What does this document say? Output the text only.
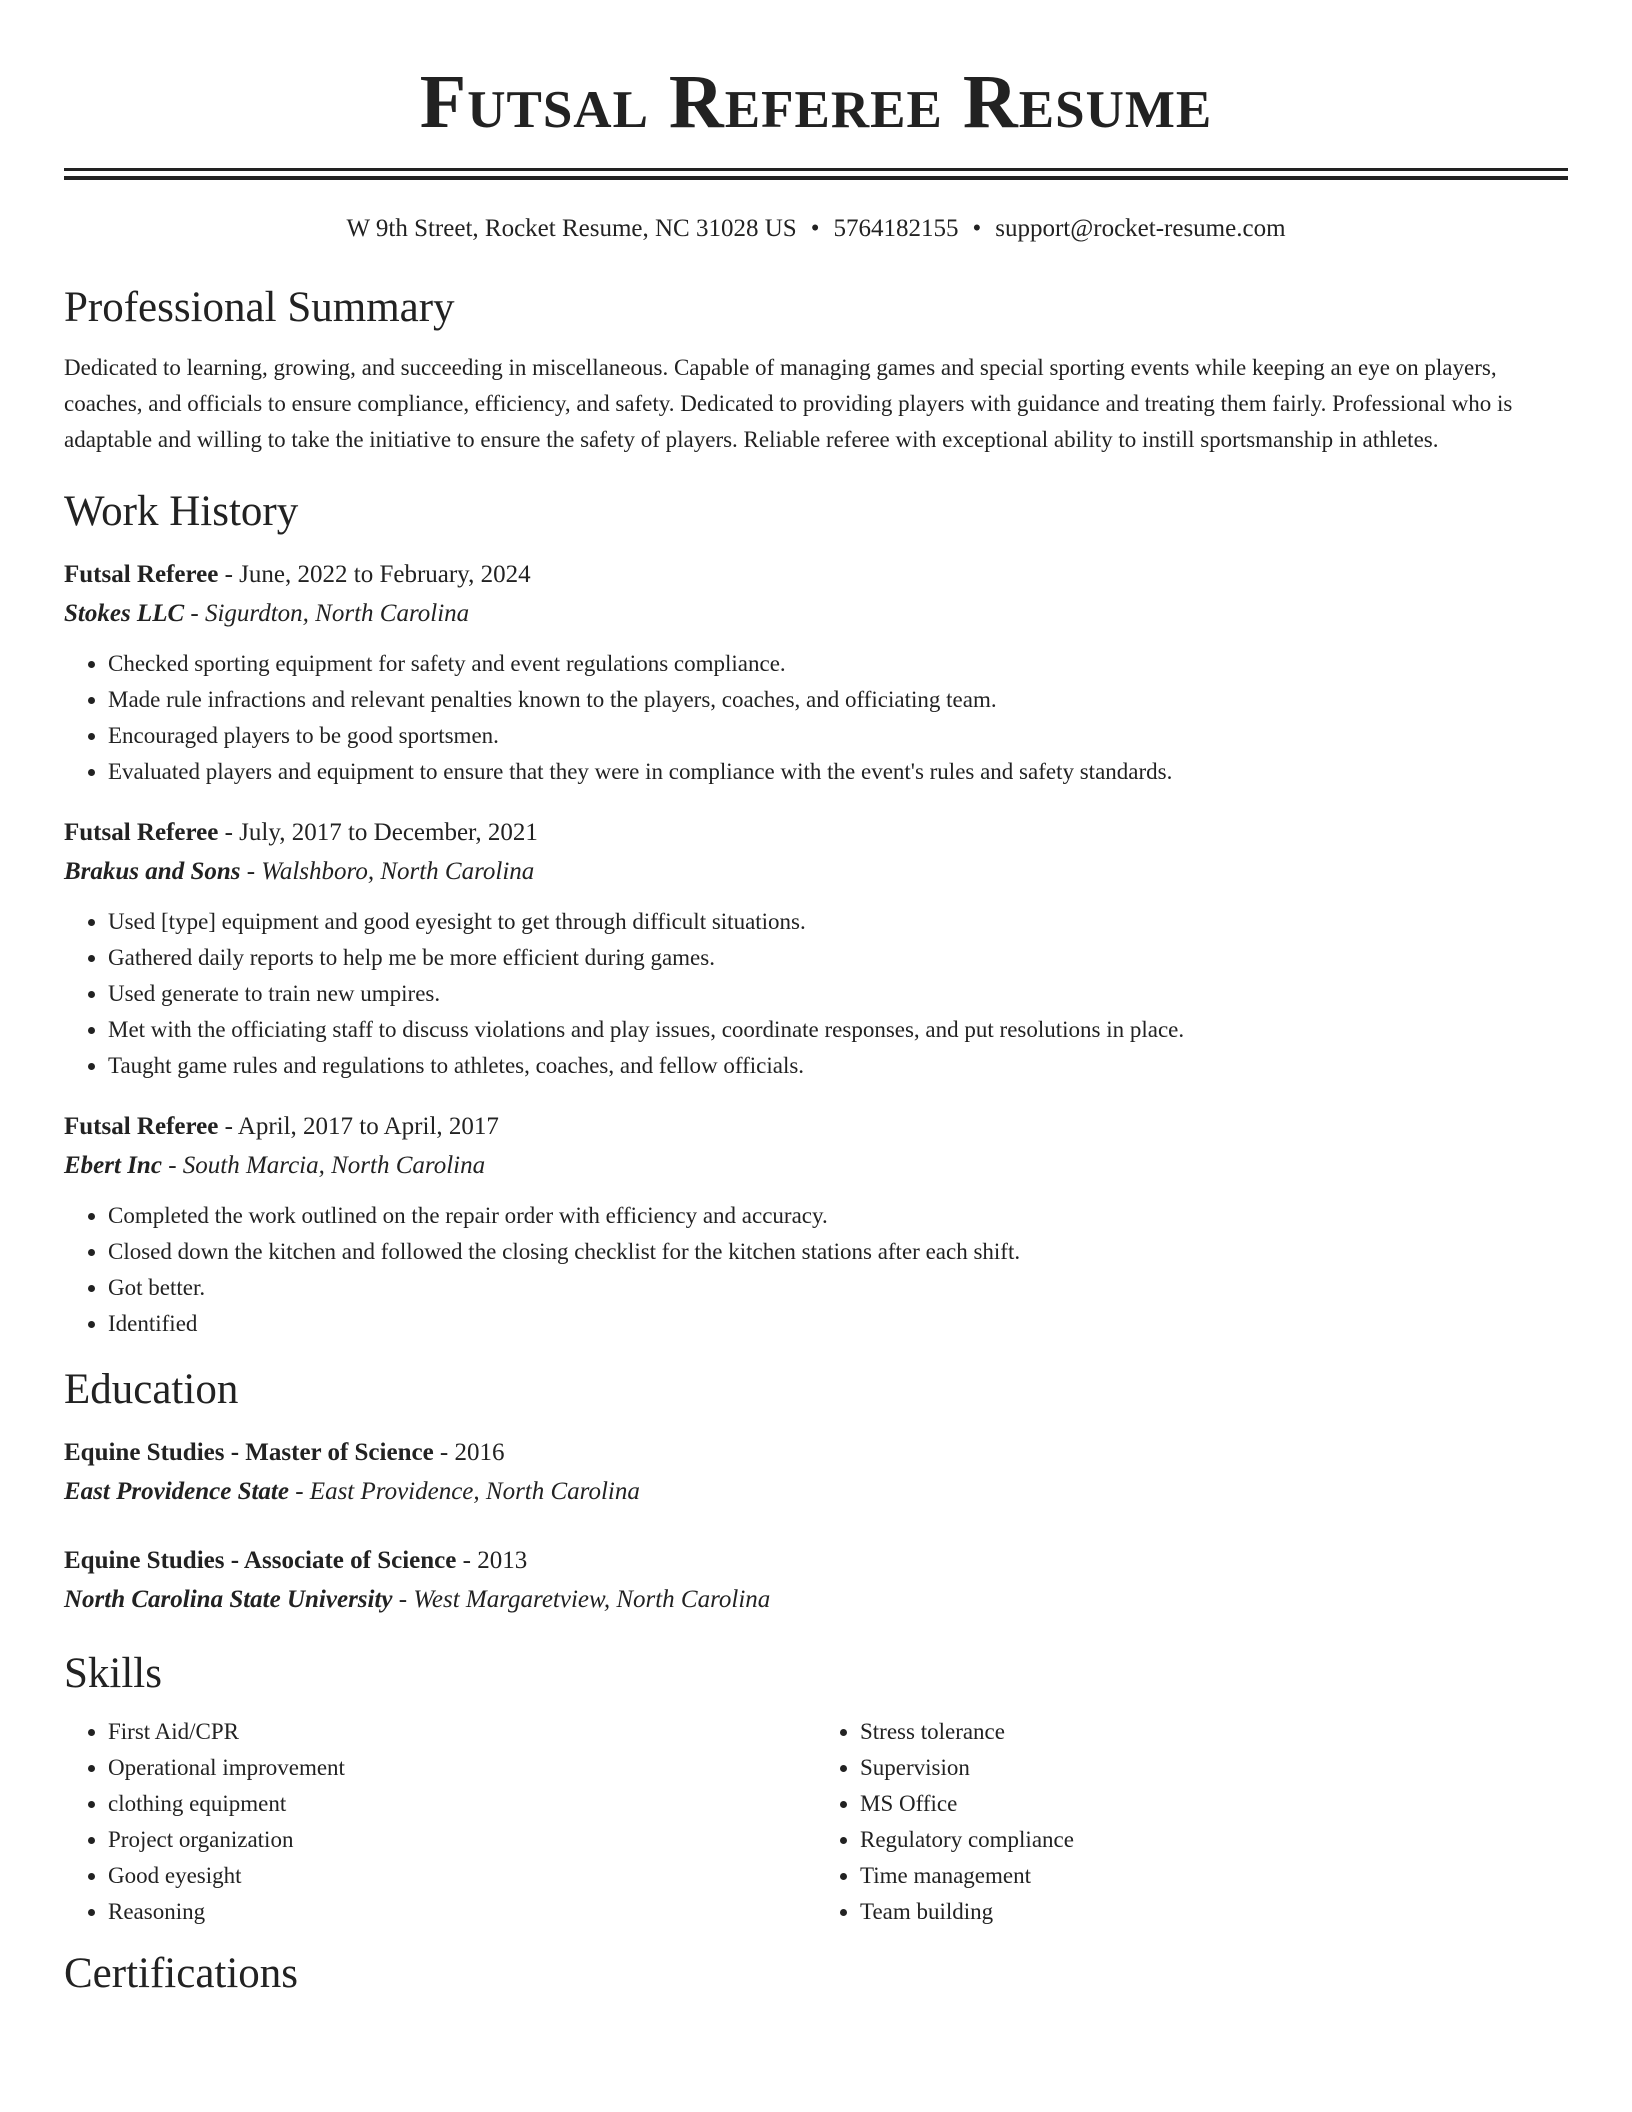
Futsal Referee Resume
W 9th Street, Rocket Resume, NC 31028 US • 5764182155 • support@rocket-resume.com
Professional Summary

Dedicated to learning, growing, and succeeding in miscellaneous. Capable of managing games and special sporting events while keeping an eye on players, coaches, and officials to ensure compliance, efficiency, and safety. Dedicated to providing players with guidance and treating them fairly. Professional who is adaptable and willing to take the initiative to ensure the safety of players. Reliable referee with exceptional ability to instill sportsmanship in athletes.

Work History
Futsal Referee - June, 2022 to February, 2024
Stokes LLC - Sigurdton, North Carolina
• Checked sporting equipment for safety and event regulations compliance.
• Made rule infractions and relevant penalties known to the players, coaches, and officiating team.
• Encouraged players to be good sportsmen.
• Evaluated players and equipment to ensure that they were in compliance with the event's rules and safety standards.
Futsal Referee - July, 2017 to December, 2021
Brakus and Sons - Walshboro, North Carolina
• Used [type] equipment and good eyesight to get through difficult situations.
• Gathered daily reports to help me be more efficient during games.
• Used generate to train new umpires.
• Met with the officiating staff to discuss violations and play issues, coordinate responses, and put resolutions in place.
• Taught game rules and regulations to athletes, coaches, and fellow officials.
Futsal Referee - April, 2017 to April, 2017
Ebert Inc - South Marcia, North Carolina
• Completed the work outlined on the repair order with efficiency and accuracy.
• Closed down the kitchen and followed the closing checklist for the kitchen stations after each shift.
• Got better.
• Identified
Education
Equine Studies - Master of Science - 2016
East Providence State - East Providence, North Carolina
Equine Studies - Associate of Science - 2013
North Carolina State University - West Margaretview, North Carolina
Skills
• First Aid/CPR
• Operational improvement
• clothing equipment
• Project organization
• Good eyesight
• Reasoning
• Stress tolerance
• Supervision
• MS Office
• Regulatory compliance
• Time management
• Team building
Certifications
